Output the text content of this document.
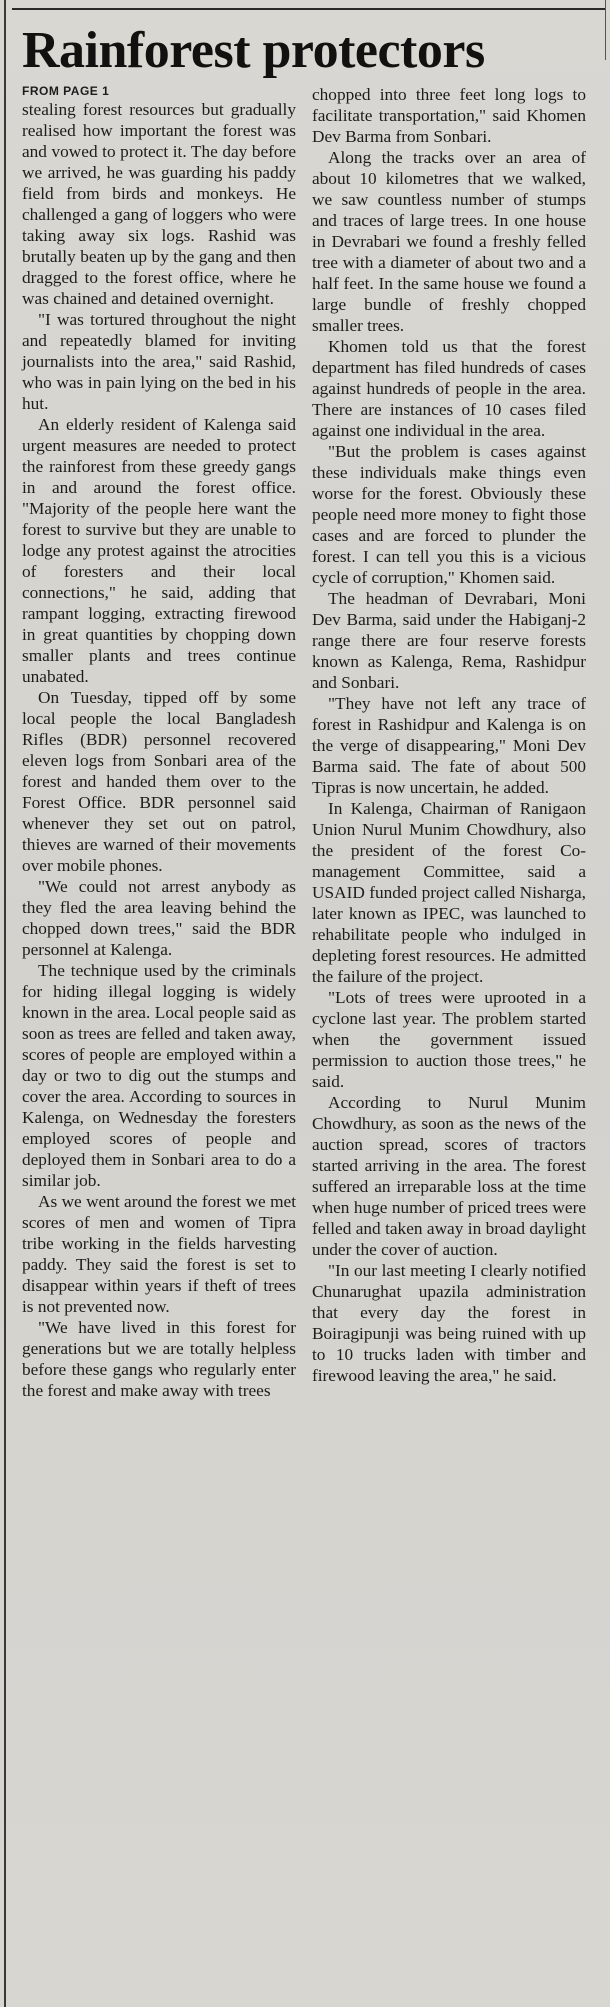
Rainforest protectors
FROM PAGE 1

stealing forest resources but gradually realised how important the forest was and vowed to protect it. The day before we arrived, he was guarding his paddy field from birds and monkeys. He challenged a gang of loggers who were taking away six logs. Rashid was brutally beaten up by the gang and then dragged to the forest office, where he was chained and detained overnight.

"I was tortured throughout the night and repeatedly blamed for inviting journalists into the area," said Rashid, who was in pain lying on the bed in his hut.

An elderly resident of Kalenga said urgent measures are needed to protect the rainforest from these greedy gangs in and around the forest office. "Majority of the people here want the forest to survive but they are unable to lodge any protest against the atrocities of foresters and their local connections," he said, adding that rampant logging, extracting firewood in great quantities by chopping down smaller plants and trees continue unabated.

On Tuesday, tipped off by some local people the local Bangladesh Rifles (BDR) personnel recovered eleven logs from Sonbari area of the forest and handed them over to the Forest Office. BDR personnel said whenever they set out on patrol, thieves are warned of their movements over mobile phones.

"We could not arrest anybody as they fled the area leaving behind the chopped down trees," said the BDR personnel at Kalenga.

The technique used by the criminals for hiding illegal logging is widely known in the area. Local people said as soon as trees are felled and taken away, scores of people are employed within a day or two to dig out the stumps and cover the area. According to sources in Kalenga, on Wednesday the foresters employed scores of people and deployed them in Sonbari area to do a similar job.

As we went around the forest we met scores of men and women of Tipra tribe working in the fields harvesting paddy. They said the forest is set to disappear within years if theft of trees is not prevented now.

"We have lived in this forest for generations but we are totally helpless before these gangs who regularly enter the forest and make away with trees

chopped into three feet long logs to facilitate transportation," said Khomen Dev Barma from Sonbari.

Along the tracks over an area of about 10 kilometres that we walked, we saw countless number of stumps and traces of large trees. In one house in Devrabari we found a freshly felled tree with a diameter of about two and a half feet. In the same house we found a large bundle of freshly chopped smaller trees.

Khomen told us that the forest department has filed hundreds of cases against hundreds of people in the area. There are instances of 10 cases filed against one individual in the area.

"But the problem is cases against these individuals make things even worse for the forest. Obviously these people need more money to fight those cases and are forced to plunder the forest. I can tell you this is a vicious cycle of corruption," Khomen said.

The headman of Devrabari, Moni Dev Barma, said under the Habiganj-2 range there are four reserve forests known as Kalenga, Rema, Rashidpur and Sonbari.

"They have not left any trace of forest in Rashidpur and Kalenga is on the verge of disappearing," Moni Dev Barma said. The fate of about 500 Tipras is now uncertain, he added.

In Kalenga, Chairman of Ranigaon Union Nurul Munim Chowdhury, also the president of the forest Co-management Committee, said a USAID funded project called Nisharga, later known as IPEC, was launched to rehabilitate people who indulged in depleting forest resources. He admitted the failure of the project.

"Lots of trees were uprooted in a cyclone last year. The problem started when the government issued permission to auction those trees," he said.

According to Nurul Munim Chowdhury, as soon as the news of the auction spread, scores of tractors started arriving in the area. The forest suffered an irreparable loss at the time when huge number of priced trees were felled and taken away in broad daylight under the cover of auction.

"In our last meeting I clearly notified Chunarughat upazila administration that every day the forest in Boiragipunji was being ruined with up to 10 trucks laden with timber and firewood leaving the area," he said.
